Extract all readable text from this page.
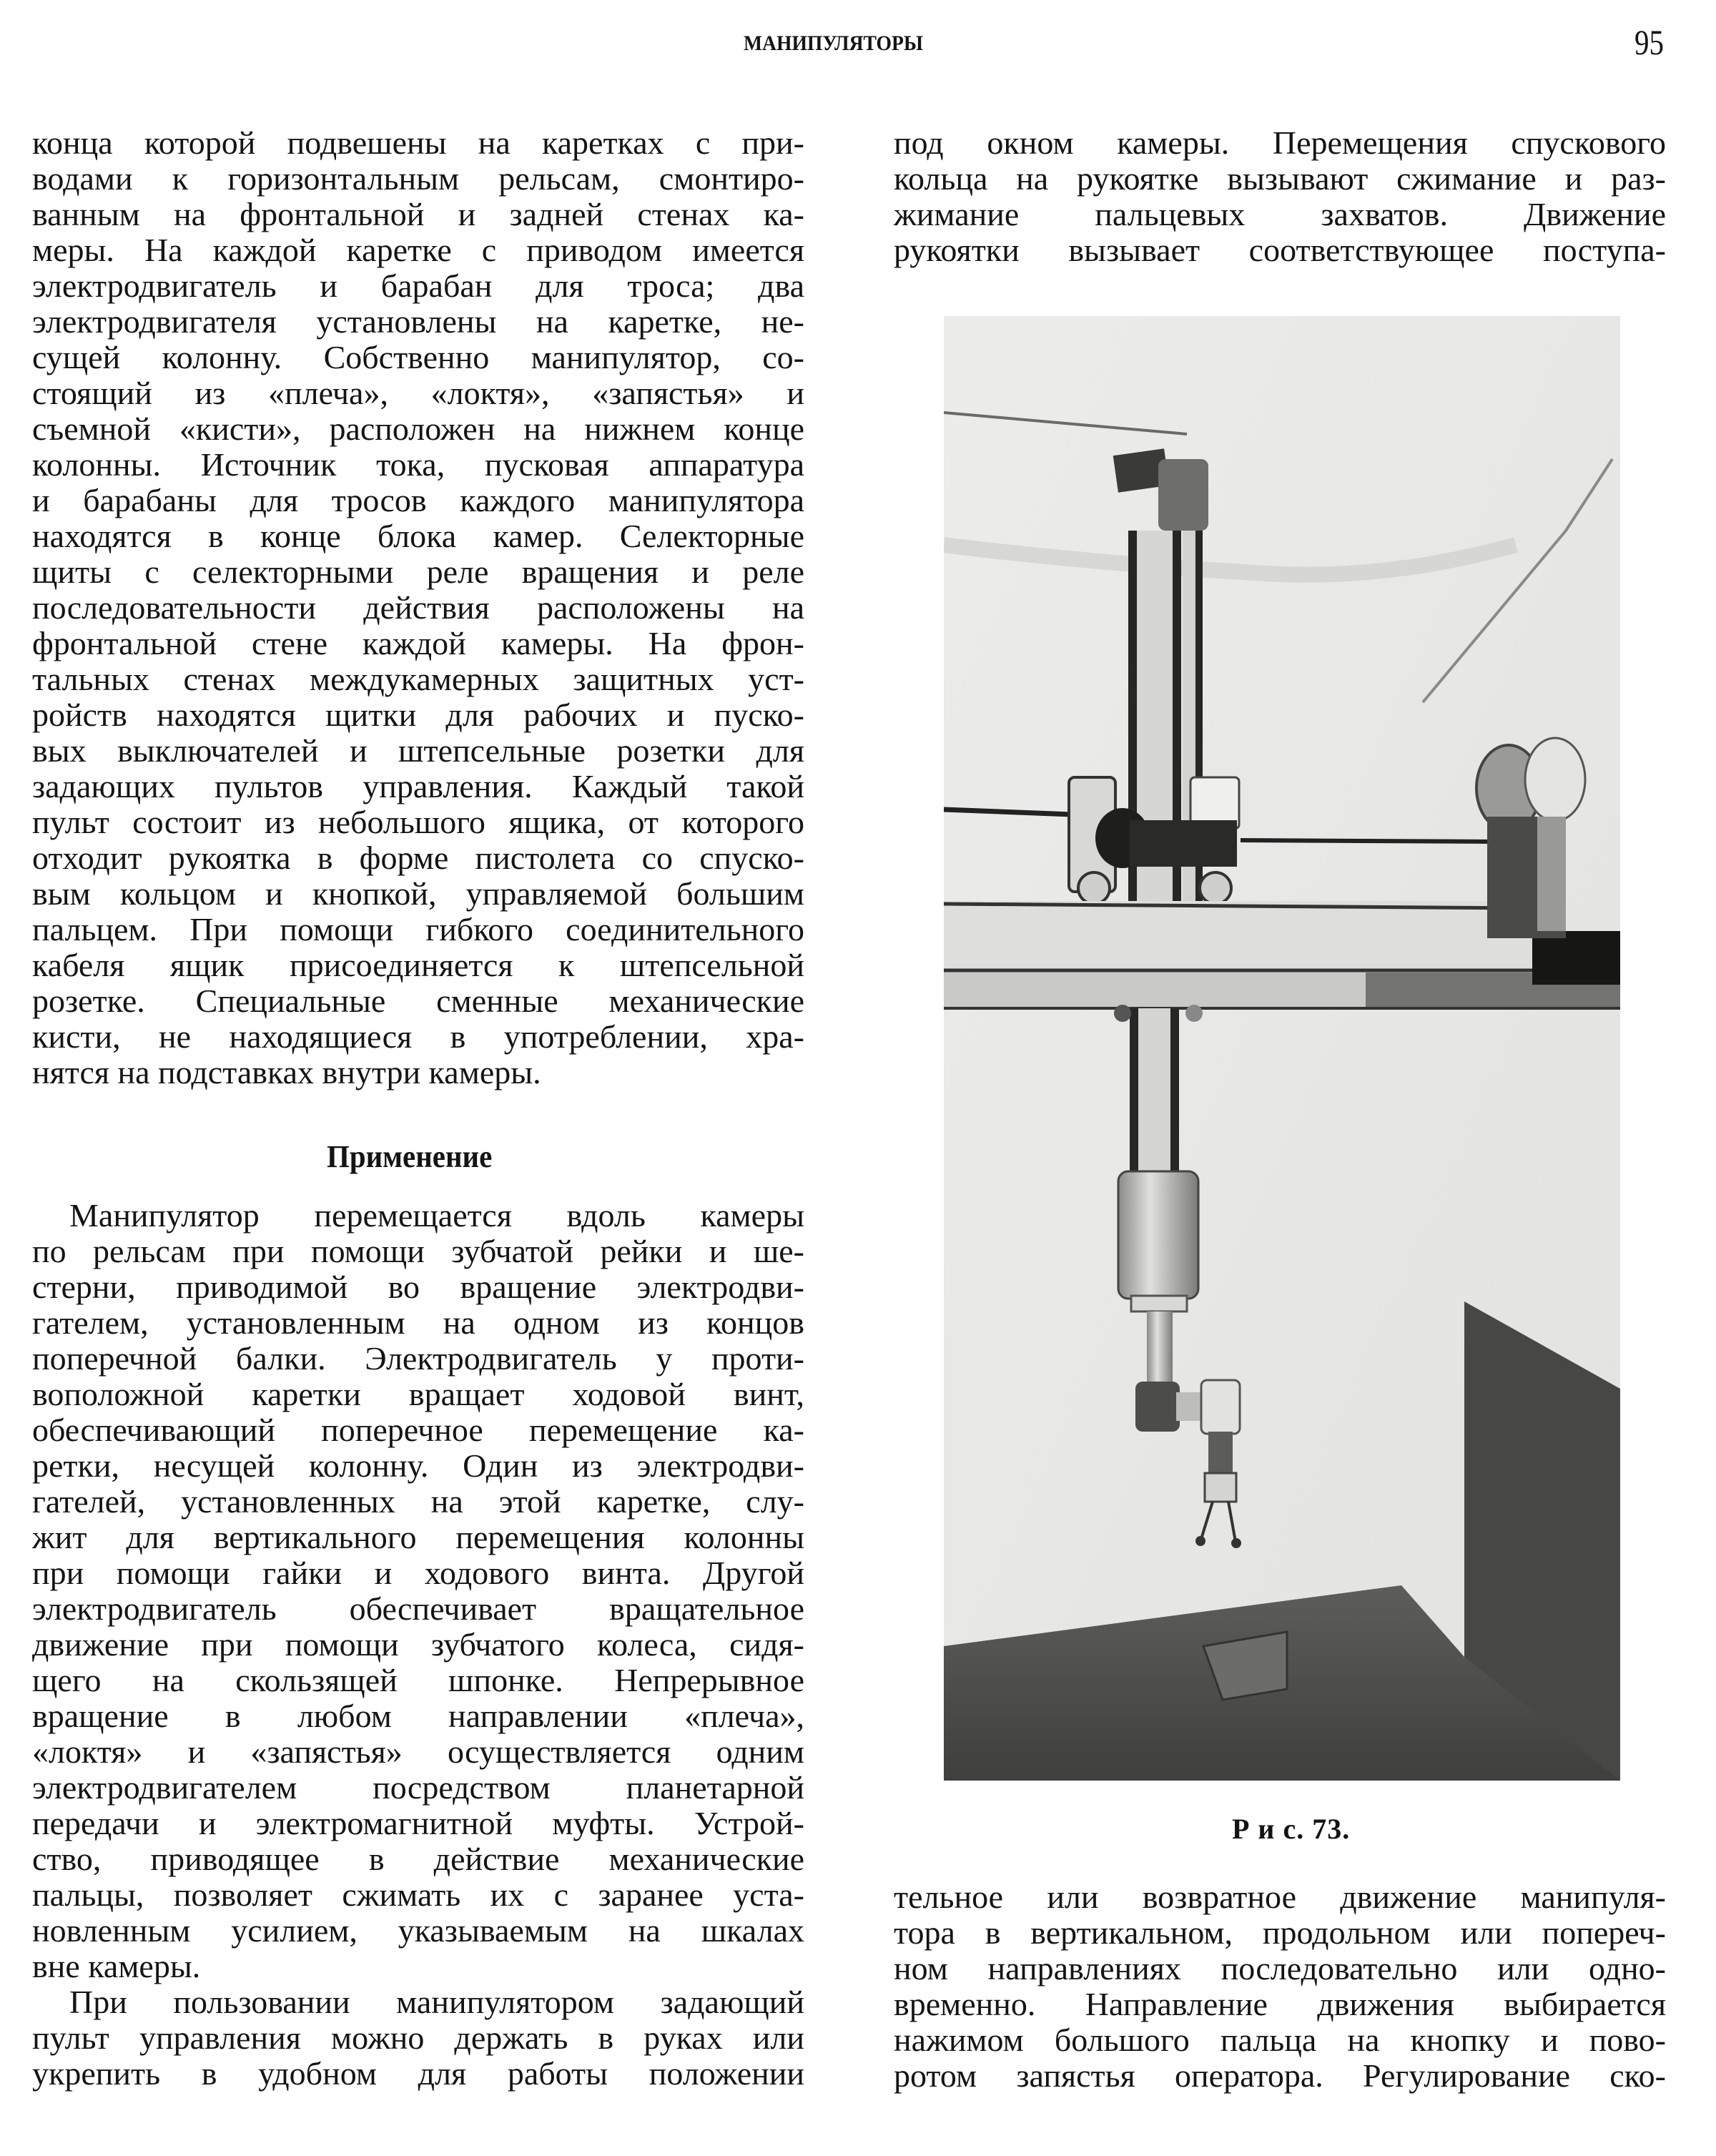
МАНИПУЛЯТОРЫ	95
конца которой подвешены на каретках с при-
водами к горизонтальным рельсам, смонтиро-
ванным на фронтальной и задней стенах ка-
меры. На каждой каретке с приводом имеется
электродвигатель и барабан для троса; два
электродвигателя установлены на каретке, не-
сущей колонну. Собственно манипулятор, со-
стоящий из «плеча», «локтя», «запястья» и
съемной «кисти», расположен на нижнем конце
колонны. Источник тока, пусковая аппаратура
и барабаны для тросов каждого манипулятора
находятся в конце блока камер. Селекторные
щиты с селекторными реле вращения и реле
последовательности действия расположены на
фронтальной стене каждой камеры. На фрон-
тальных стенах междукамерных защитных уст-
ройств находятся щитки для рабочих и пуско-
вых выключателей и штепсельные розетки для
задающих пультов управления. Каждый такой
пульт состоит из небольшого ящика, от которого
отходит рукоятка в форме пистолета со спуско-
вым кольцом и кнопкой, управляемой большим
пальцем. При помощи гибкого соединительного
кабеля ящик присоединяется к штепсельной
розетке. Специальные сменные механические
кисти, не находящиеся в употреблении, хра-
нятся на подставках внутри камеры.
Применение
Манипулятор перемещается вдоль камеры
по рельсам при помощи зубчатой рейки и ше-
стерни, приводимой во вращение электродви-
гателем, установленным на одном из концов
поперечной балки. Электродвигатель у проти-
воположной каретки вращает ходовой винт,
обеспечивающий поперечное перемещение ка-
ретки, несущей колонну. Один из электродви-
гателей, установленных на этой каретке, слу-
жит для вертикального перемещения колонны
при помощи гайки и ходового винта. Другой
электродвигатель обеспечивает вращательное
движение при помощи зубчатого колеса, сидя-
щего на скользящей шпонке. Непрерывное
вращение в любом направлении «плеча»,
«локтя» и «запястья» осуществляется одним
электродвигателем посредством планетарной
передачи и электромагнитной муфты. Устрой-
ство, приводящее в действие механические
пальцы, позволяет сжимать их с заранее уста-
новленным усилием, указываемым на шкалах
вне камеры.
При пользовании манипулятором задающий
пульт управления можно держать в руках или
укрепить в удобном для работы положении
под окном камеры. Перемещения спускового
кольца на рукоятке вызывают сжимание и раз-
жимание пальцевых захватов. Движение
рукоятки вызывает соответствующее поступа-
Р и с. 73.
тельное или возвратное движение манипуля-
тора в вертикальном, продольном или попереч-
ном направлениях последовательно или одно-
временно. Направление движения выбирается
нажимом большого пальца на кнопку и пово-
ротом запястья оператора. Регулирование ско-
